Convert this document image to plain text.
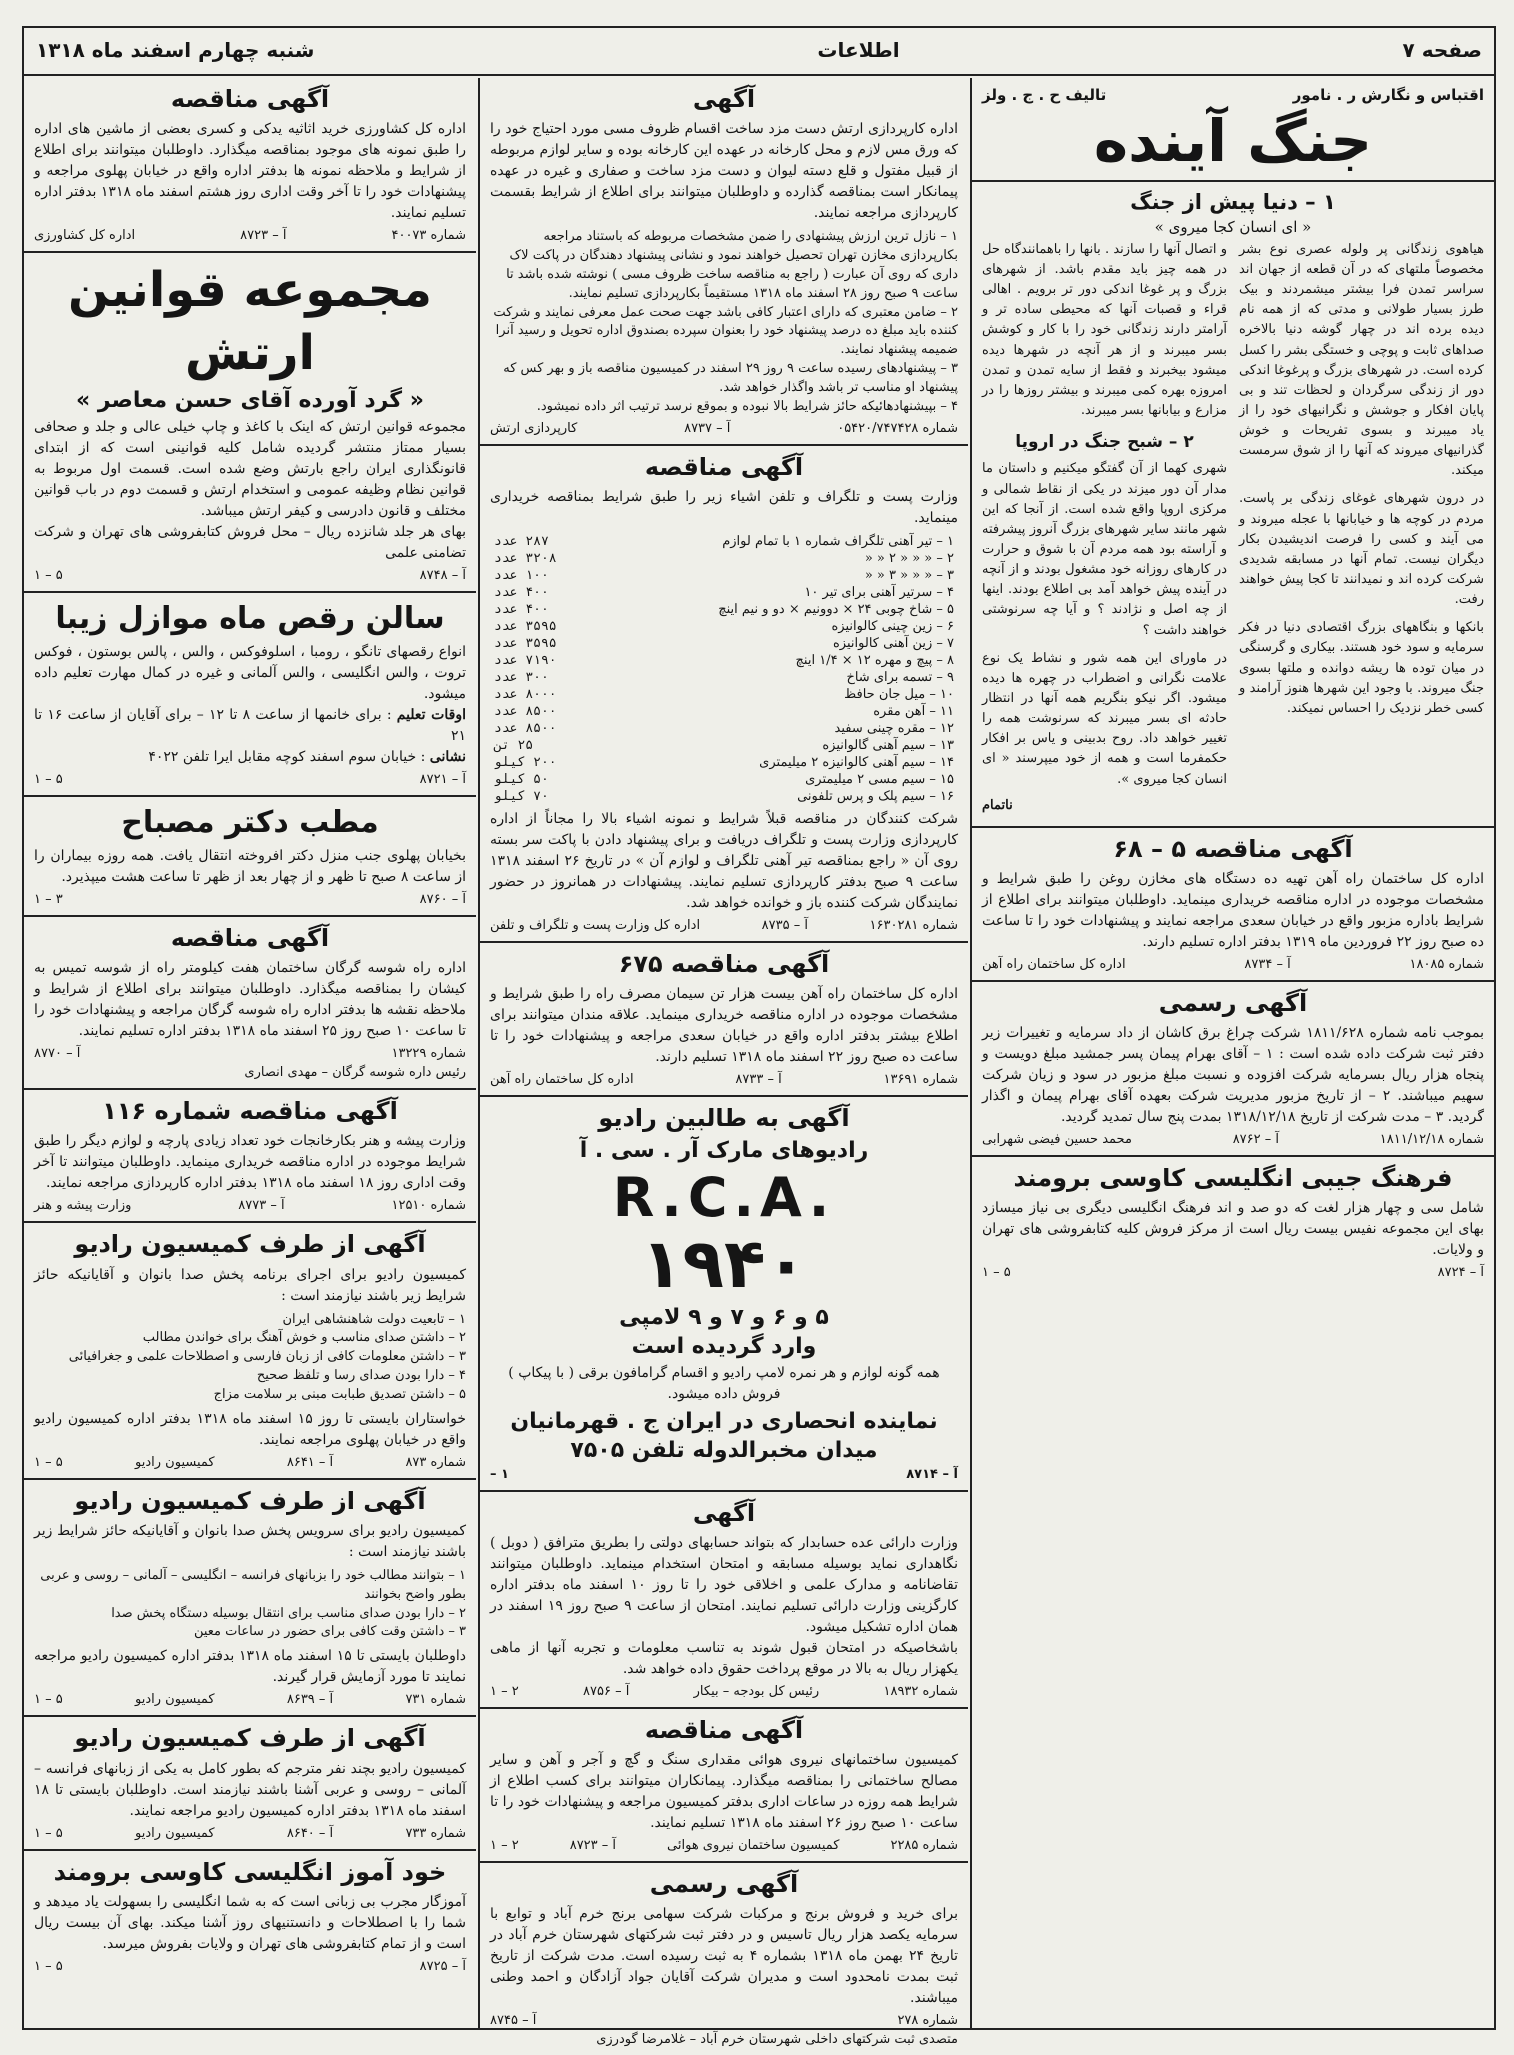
صفحه ۷
اطلاعات
شنبه چهارم اسفند ماه ۱۳۱۸
اقتباس و نگارش ر . نامور
تالیف ح . ج . ولز
جنگ آینده
۱ – دنیا پیش از جنگ
« ای انسان کجا میروی »

هیاهوی زندگانی پر ولوله عصری نوع بشر مخصوصاً ملتهای که در آن قطعه از جهان اند سراسر تمدن فرا بیشتر میشمردند و بیک طرز بسیار طولانی و مدتی که از همه نام دیده برده اند در چهار گوشه دنیا بالاخره صداهای ثابت و پوچی و خستگی بشر را کسل کرده است. در شهرهای بزرگ و پرغوغا اندکی دور از زندگی سرگردان و لحظات تند و بی پایان افکار و جوشش و نگرانیهای خود را از یاد میبرند و بسوی تفریحات و خوش گذرانیهای میروند که آنها را از شوق سرمست میکند.

در درون شهرهای غوغای زندگی بر پاست. مردم در کوچه ها و خیابانها با عجله میروند و می آیند و کسی را فرصت اندیشیدن بکار دیگران نیست. تمام آنها در مسابقه شدیدی شرکت کرده اند و نمیدانند تا کجا پیش خواهند رفت.

بانکها و بنگاههای بزرگ اقتصادی دنیا در فکر سرمایه و سود خود هستند. بیکاری و گرسنگی در میان توده ها ریشه دوانده و ملتها بسوی جنگ میروند. با وجود این شهرها هنوز آرامند و کسی خطر نزدیک را احساس نمیکند.

و اتصال آنها را سازند . بانها را باهمانندگاه حل در همه چیز باید مقدم باشد. از شهرهای بزرگ و پر غوغا اندکی دور تر برویم . اهالی قراء و قصبات آنها که محیطی ساده تر و آرامتر دارند زندگانی خود را با کار و کوشش بسر میبرند و از هر آنچه در شهرها دیده میشود بیخبرند و فقط از سایه تمدن و تمدن امروزه بهره کمی میبرند و بیشتر روزها را در مزارع و بیابانها بسر میبرند.

۲ – شبح جنگ در اروپا

شهری کهما از آن گفتگو میکنیم و داستان ما مدار آن دور میزند در یکی از نقاط شمالی و مرکزی اروپا واقع شده است. از آنجا که این شهر مانند سایر شهرهای بزرگ آنروز پیشرفته و آراسته بود همه مردم آن با شوق و حرارت در کارهای روزانه خود مشغول بودند و از آنچه در آینده پیش خواهد آمد بی اطلاع بودند. اینها از چه اصل و نژادند ؟ و آیا چه سرنوشتی خواهند داشت ؟

در ماورای این همه شور و نشاط یک نوع علامت نگرانی و اضطراب در چهره ها دیده میشود. اگر نیکو بنگریم همه آنها در انتظار حادثه ای بسر میبرند که سرنوشت همه را تغییر خواهد داد. روح بدبینی و یاس بر افکار حکمفرما است و همه از خود میپرسند « ای انسان کجا میروی ».

ناتمام

آگهی مناقصه ۵ – ۶۸

اداره کل ساختمان راه آهن تهیه ده دستگاه های مخازن روغن را طبق شرایط و مشخصات موجوده در اداره مناقصه خریداری مینماید. داوطلبان میتوانند برای اطلاع از شرایط باداره مزبور واقع در خیابان سعدی مراجعه نمایند و پیشنهادات خود را تا ساعت ده صبح روز ۲۲ فروردین ماه ۱۳۱۹ بدفتر اداره تسلیم دارند.

شماره ۱۸۰۸۵
آ – ۸۷۳۴
اداره کل ساختمان راه آهن
آگهی رسمی

بموجب نامه شماره ۱۸۱۱/۶۲۸ شرکت چراغ برق کاشان از داد سرمایه و تغییرات زیر دفتر ثبت شرکت داده شده است : ۱ – آقای بهرام پیمان پسر جمشید مبلغ دویست و پنجاه هزار ریال بسرمایه شرکت افزوده و نسبت مبلغ مزبور در سود و زیان شرکت سهیم میباشند. ۲ – از تاریخ مزبور مدیریت شرکت بعهده آقای بهرام پیمان و اگذار گردید. ۳ – مدت شرکت از تاریخ ۱۳۱۸/۱۲/۱۸ بمدت پنج سال تمدید گردید.

شماره ۱۸۱۱/۱۲/۱۸
آ – ۸۷۶۲
محمد حسین فیضی شهرابی
فرهنگ جیبی انگلیسی کاوسی برومند

شامل سی و چهار هزار لغت که دو صد و اند فرهنگ انگلیسی دیگری بی نیاز میسازد بهای این مجموعه نفیس بیست ریال است از مرکز فروش کلیه کتابفروشی های تهران و ولایات.

آ – ۸۷۲۴
۵ – ۱
آگهی

اداره کارپردازی ارتش دست مزد ساخت اقسام ظروف مسی مورد احتیاج خود را که ورق مس لازم و محل کارخانه در عهده این کارخانه بوده و سایر لوازم مربوطه از قبیل مفتول و قلع دسته لیوان و دست مزد ساخت و صفاری و غیره در عهده پیمانکار است بمناقصه گذارده و داوطلبان میتوانند برای اطلاع از شرایط بقسمت کارپردازی مراجعه نمایند.

۱ – نازل ترین ارزش پیشنهادی را ضمن مشخصات مربوطه که باستناد مراجعه بکارپردازی مخازن تهران تحصیل خواهند نمود و نشانی پیشنهاد دهندگان در پاکت لاک داری که روی آن عبارت ( راجع به مناقصه ساخت ظروف مسی ) نوشته شده باشد تا ساعت ۹ صبح روز ۲۸ اسفند ماه ۱۳۱۸ مستقیماً بکارپردازی تسلیم نمایند.
۲ – ضامن معتبری که دارای اعتبار کافی باشد جهت صحت عمل معرفی نمایند و شرکت کننده باید مبلغ ده درصد پیشنهاد خود را بعنوان سپرده بصندوق اداره تحویل و رسید آنرا ضمیمه پیشنهاد نمایند.
۳ – پیشنهادهای رسیده ساعت ۹ روز ۲۹ اسفند در کمیسیون مناقصه باز و بهر کس که پیشنهاد او مناسب تر باشد واگذار خواهد شد.
۴ – بپیشنهادهائیکه حائز شرایط بالا نبوده و بموقع نرسد ترتیب اثر داده نمیشود.
شماره ۰۵۴۲۰/۷۴۷۴۲۸
آ – ۸۷۳۷
کارپردازی ارتش
آگهی مناقصه

وزارت پست و تلگراف و تلفن اشیاء زیر را طبق شرایط بمناقصه خریداری مینماید.

۱ – تیر آهنی تلگراف شماره ۱ با تمام لوازم	۲۸۷ عدد
۲ – « « « ۲ « «	۳۲۰۸ عدد
۳ – « « « ۳ « «	۱۰۰ عدد
۴ – سرتیر آهنی برای تیر ۱۰	۴۰۰ عدد
۵ – شاخ چوبی ۲۴ × دوونیم × دو و نیم اینچ	۴۰۰ عدد
۶ – زین چینی کالوانیزه	۳۵۹۵ عدد
۷ – زین آهنی کالوانیزه	۳۵۹۵ عدد
۸ – پیچ و مهره ۱۲ × ۱/۴ اینچ	۷۱۹۰ عدد
۹ – تسمه برای شاخ	۳۰۰ عدد
۱۰ – میل جان حافظ	۸۰۰۰ عدد
۱۱ – آهن مقره	۸۵۰۰ عدد
۱۲ – مقره چینی سفید	۸۵۰۰ عدد
۱۳ – سیم آهنی گالوانیزه	۲۵ تن
۱۴ – سیم آهنی کالوانیزه ۲ میلیمتری	۲۰۰ کیلو
۱۵ – سیم مسی ۲ میلیمتری	۵۰ کیلو
۱۶ – سیم پلک و پرس تلفونی	۷۰ کیلو

شرکت کنندگان در مناقصه قبلاً شرایط و نمونه اشیاء بالا را مجاناً از اداره کارپردازی وزارت پست و تلگراف دریافت و برای پیشنهاد دادن با پاکت سر بسته روی آن « راجع بمناقصه تیر آهنی تلگراف و لوازم آن » در تاریخ ۲۶ اسفند ۱۳۱۸ ساعت ۹ صبح بدفتر کارپردازی تسلیم نمایند. پیشنهادات در همانروز در حضور نمایندگان شرکت کننده باز و خوانده خواهد شد.

شماره ۱۶۳۰۲۸۱
آ – ۸۷۳۵
اداره کل وزارت پست و تلگراف و تلفن
آگهی مناقصه ۶۷۵

اداره کل ساختمان راه آهن بیست هزار تن سیمان مصرف راه را طبق شرایط و مشخصات موجوده در اداره مناقصه خریداری مینماید. علاقه مندان میتوانند برای اطلاع بیشتر بدفتر اداره واقع در خیابان سعدی مراجعه و پیشنهادات خود را تا ساعت ده صبح روز ۲۲ اسفند ماه ۱۳۱۸ تسلیم دارند.

شماره ۱۳۶۹۱
آ – ۸۷۳۳
اداره کل ساختمان راه آهن
آگهی به طالبین رادیو
رادیوهای مارک آر . سی . آ
R.C.A.
۱۹۴۰
۵ و ۶ و ۷ و ۹ لامپی
وارد گردیده است

همه گونه لوازم و هر نمره لامپ رادیو و اقسام گرامافون برقی ( با پیکاپ ) فروش داده میشود.

نماینده انحصاری در ایران ج . قهرمانیان
میدان مخبرالدوله تلفن ۷۵۰۵
آ – ۸۷۱۴
۱ –
آگهی

وزارت دارائی عده حسابدار که بتواند حسابهای دولتی را بطریق مترافق ( دوبل ) نگاهداری نماید بوسیله مسابقه و امتحان استخدام مینماید. داوطلبان میتوانند تقاضانامه و مدارک علمی و اخلاقی خود را تا روز ۱۰ اسفند ماه بدفتر اداره کارگزینی وزارت دارائی تسلیم نمایند. امتحان از ساعت ۹ صبح روز ۱۹ اسفند در همان اداره تشکیل میشود.

باشخاصیکه در امتحان قبول شوند به تناسب معلومات و تجربه آنها از ماهی یکهزار ریال به بالا در موقع پرداخت حقوق داده خواهد شد.

شماره ۱۸۹۳۲
رئیس کل بودجه – بیکار
آ – ۸۷۵۶
۲ – ۱
آگهی مناقصه

کمیسیون ساختمانهای نیروی هوائی مقداری سنگ و گچ و آجر و آهن و سایر مصالح ساختمانی را بمناقصه میگذارد. پیمانکاران میتوانند برای کسب اطلاع از شرایط همه روزه در ساعات اداری بدفتر کمیسیون مراجعه و پیشنهادات خود را تا ساعت ۱۰ صبح روز ۲۶ اسفند ماه ۱۳۱۸ تسلیم نمایند.

شماره ۲۲۸۵
کمیسیون ساختمان نیروی هوائی
آ – ۸۷۲۳
۲ – ۱
آگهی رسمی

برای خرید و فروش برنج و مرکبات شرکت سهامی برنج خرم آباد و توابع با سرمایه یکصد هزار ریال تاسیس و در دفتر ثبت شرکتهای شهرستان خرم آباد در تاریخ ۲۴ بهمن ماه ۱۳۱۸ بشماره ۴ به ثبت رسیده است. مدت شرکت از تاریخ ثبت بمدت نامحدود است و مدیران شرکت آقایان جواد آزادگان و احمد وطنی میباشند.

شماره ۲۷۸
آ – ۸۷۴۵
متصدی ثبت شرکتهای داخلی شهرستان خرم آباد – غلامرضا گودرزی
آگهی مناقصه

اداره کل کشاورزی خرید اثاثیه یدکی و کسری بعضی از ماشین های اداره را طبق نمونه های موجود بمناقصه میگذارد. داوطلبان میتوانند برای اطلاع از شرایط و ملاحظه نمونه ها بدفتر اداره واقع در خیابان پهلوی مراجعه و پیشنهادات خود را تا آخر وقت اداری روز هشتم اسفند ماه ۱۳۱۸ بدفتر اداره تسلیم نمایند.

شماره ۴۰۰۷۳
آ – ۸۷۲۳
اداره کل کشاورزی
مجموعه قوانین ارتش
« گرد آورده آقای حسن معاصر »

مجموعه قوانین ارتش که اینک با کاغذ و چاپ خیلی عالی و جلد و صحافی بسیار ممتاز منتشر گردیده شامل کلیه قوانینی است که از ابتدای قانونگذاری ایران راجع بارتش وضع شده است. قسمت اول مربوط به قوانین نظام وظیفه عمومی و استخدام ارتش و قسمت دوم در باب قوانین مختلف و قانون دادرسی و کیفر ارتش میباشد.

بهای هر جلد شانزده ریال – محل فروش کتابفروشی های تهران و شرکت تضامنی علمی

آ – ۸۷۴۸
۵ – ۱
سالن رقص ماه موازل زیبا

انواع رقصهای تانگو ، رومبا ، اسلوفوکس ، والس ، پالس بوستون ، فوکس تروت ، والس انگلیسی ، والس آلمانی و غیره در کمال مهارت تعلیم داده میشود.

اوقات تعلیم : برای خانمها از ساعت ۸ تا ۱۲ – برای آقایان از ساعت ۱۶ تا ۲۱

نشانی : خیابان سوم اسفند کوچه مقابل ایرا تلفن ۴۰۲۲

آ – ۸۷۲۱
۵ – ۱
مطب دکتر مصباح

بخیابان پهلوی جنب منزل دکتر افروخته انتقال یافت. همه روزه بیماران را از ساعت ۸ صبح تا ظهر و از چهار بعد از ظهر تا ساعت هشت میپذیرد.

آ – ۸۷۶۰
۳ – ۱
آگهی مناقصه

اداره راه شوسه گرگان ساختمان هفت کیلومتر راه از شوسه تمیس به کیشان را بمناقصه میگذارد. داوطلبان میتوانند برای اطلاع از شرایط و ملاحظه نقشه ها بدفتر اداره راه شوسه گرگان مراجعه و پیشنهادات خود را تا ساعت ۱۰ صبح روز ۲۵ اسفند ماه ۱۳۱۸ بدفتر اداره تسلیم نمایند.

شماره ۱۳۲۲۹
آ – ۸۷۷۰
رئیس داره شوسه گرگان – مهدی انصاری
آگهی مناقصه شماره ۱۱۶

وزارت پیشه و هنر بکارخانجات خود تعداد زیادی پارچه و لوازم دیگر را طبق شرایط موجوده در اداره مناقصه خریداری مینماید. داوطلبان میتوانند تا آخر وقت اداری روز ۱۸ اسفند ماه ۱۳۱۸ بدفتر اداره کارپردازی مراجعه نمایند.

شماره ۱۲۵۱۰
آ – ۸۷۷۳
وزارت پیشه و هنر
آگهی از طرف کمیسیون رادیو

کمیسیون رادیو برای اجرای برنامه پخش صدا بانوان و آقایانیکه حائز شرایط زیر باشند نیازمند است :

۱ – تابعیت دولت شاهنشاهی ایران
۲ – داشتن صدای مناسب و خوش آهنگ برای خواندن مطالب
۳ – داشتن معلومات کافی از زبان فارسی و اصطلاحات علمی و جغرافیائی
۴ – دارا بودن صدای رسا و تلفظ صحیح
۵ – داشتن تصدیق طبابت مبنی بر سلامت مزاج

خواستاران بایستی تا روز ۱۵ اسفند ماه ۱۳۱۸ بدفتر اداره کمیسیون رادیو واقع در خیابان پهلوی مراجعه نمایند.

شماره ۸۷۳
آ – ۸۶۴۱
کمیسیون رادیو
۵ – ۱
آگهی از طرف کمیسیون رادیو

کمیسیون رادیو برای سرویس پخش صدا بانوان و آقایانیکه حائز شرایط زیر باشند نیازمند است :

۱ – بتوانند مطالب خود را بزبانهای فرانسه – انگلیسی – آلمانی – روسی و عربی بطور واضح بخوانند
۲ – دارا بودن صدای مناسب برای انتقال بوسیله دستگاه پخش صدا
۳ – داشتن وقت کافی برای حضور در ساعات معین

داوطلبان بایستی تا ۱۵ اسفند ماه ۱۳۱۸ بدفتر اداره کمیسیون رادیو مراجعه نمایند تا مورد آزمایش قرار گیرند.

شماره ۷۳۱
آ – ۸۶۳۹
کمیسیون رادیو
۵ – ۱
آگهی از طرف کمیسیون رادیو

کمیسیون رادیو بچند نفر مترجم که بطور کامل به یکی از زبانهای فرانسه – آلمانی – روسی و عربی آشنا باشند نیازمند است. داوطلبان بایستی تا ۱۸ اسفند ماه ۱۳۱۸ بدفتر اداره کمیسیون رادیو مراجعه نمایند.

شماره ۷۳۳
آ – ۸۶۴۰
کمیسیون رادیو
۵ – ۱
خود آموز انگلیسی کاوسی برومند

آموزگار مجرب بی زبانی است که به شما انگلیسی را بسهولت یاد میدهد و شما را با اصطلاحات و دانستنیهای روز آشنا میکند. بهای آن بیست ریال است و از تمام کتابفروشی های تهران و ولایات بفروش میرسد.

آ – ۸۷۲۵
۵ – ۱
